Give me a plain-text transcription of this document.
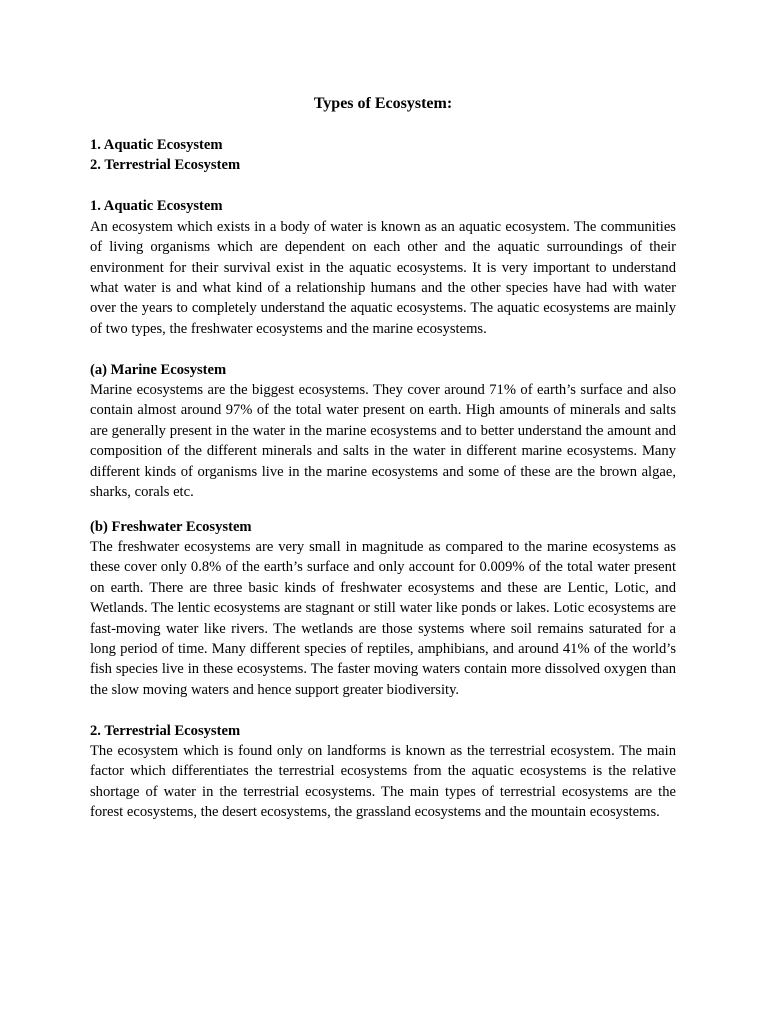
Types of Ecosystem:
1. Aquatic Ecosystem
2. Terrestrial Ecosystem
1. Aquatic Ecosystem

An ecosystem which exists in a body of water is known as an aquatic ecosystem. The communities of living organisms which are dependent on each other and the aquatic surroundings of their environment for their survival exist in the aquatic ecosystems. It is very important to understand what water is and what kind of a relationship humans and the other species have had with water over the years to completely understand the aquatic ecosystems. The aquatic ecosystems are mainly of two types, the freshwater ecosystems and the marine ecosystems.

(a) Marine Ecosystem

Marine ecosystems are the biggest ecosystems. They cover around 71% of earth’s surface and also contain almost around 97% of the total water present on earth. High amounts of minerals and salts are generally present in the water in the marine ecosystems and to better understand the amount and composition of the different minerals and salts in the water in different marine ecosystems. Many different kinds of organisms live in the marine ecosystems and some of these are the brown algae, sharks, corals etc.

(b) Freshwater Ecosystem

The freshwater ecosystems are very small in magnitude as compared to the marine ecosystems as these cover only 0.8% of the earth’s surface and only account for 0.009% of the total water present on earth. There are three basic kinds of freshwater ecosystems and these are Lentic, Lotic, and Wetlands. The lentic ecosystems are stagnant or still water like ponds or lakes. Lotic ecosystems are fast-moving water like rivers. The wetlands are those systems where soil remains saturated for a long period of time. Many different species of reptiles, amphibians, and around 41% of the world’s fish species live in these ecosystems. The faster moving waters contain more dissolved oxygen than the slow moving waters and hence support greater biodiversity.

2. Terrestrial Ecosystem

The ecosystem which is found only on landforms is known as the terrestrial ecosystem. The main factor which differentiates the terrestrial ecosystems from the aquatic ecosystems is the relative shortage of water in the terrestrial ecosystems. The main types of terrestrial ecosystems are the forest ecosystems, the desert ecosystems, the grassland ecosystems and the mountain ecosystems.
